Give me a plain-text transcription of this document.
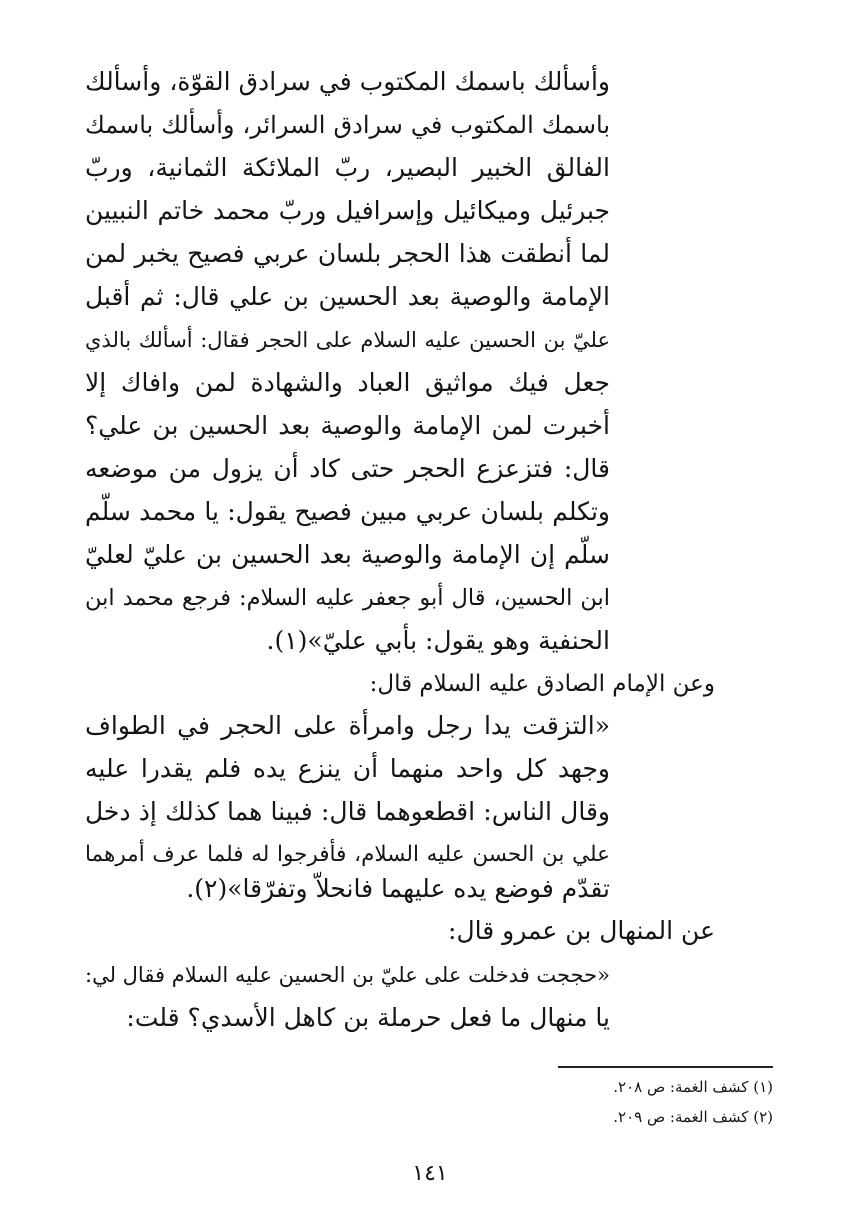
وأسألك باسمك المكتوب في سرادق القوّة، وأسألك

باسمك المكتوب في سرادق السرائر، وأسألك باسمك

الفالق الخبير البصير، ربّ الملائكة الثمانية، وربّ

جبرئيل وميكائيل وإسرافيل وربّ محمد خاتم النبيين

لما أنطقت هذا الحجر بلسان عربي فصيح يخبر لمن

الإمامة والوصية بعد الحسين بن علي قال: ثم أقبل

عليّ بن الحسين عليه السلام على الحجر فقال: أسألك بالذي

جعل فيك مواثيق العباد والشهادة لمن وافاك إلا

أخبرت لمن الإمامة والوصية بعد الحسين بن علي؟

قال: فتزعزع الحجر حتى كاد أن يزول من موضعه

وتكلم بلسان عربي مبين فصيح يقول: يا محمد سلّم

سلّم إن الإمامة والوصية بعد الحسين بن عليّ لعليّ

ابن الحسين، قال أبو جعفر عليه السلام: فرجع محمد ابن

الحنفية وهو يقول: بأبي عليّ»(١).

وعن الإمام الصادق عليه السلام قال:

«التزقت يدا رجل وامرأة على الحجر في الطواف

وجهد كل واحد منهما أن ينزع يده فلم يقدرا عليه

وقال الناس: اقطعوهما قال: فبينا هما كذلك إذ دخل

علي بن الحسن عليه السلام، فأفرجوا له فلما عرف أمرهما

تقدّم فوضع يده عليهما فانحلاّ وتفرّقا»(٢).

عن المنهال بن عمرو قال:

«حججت فدخلت على عليّ بن الحسين عليه السلام فقال لي:

يا منهال ما فعل حرملة بن كاهل الأسدي؟ قلت:

(١) كشف الغمة: ص ٢٠٨.

(٢) كشف الغمة: ص ٢٠٩.

١٤١
